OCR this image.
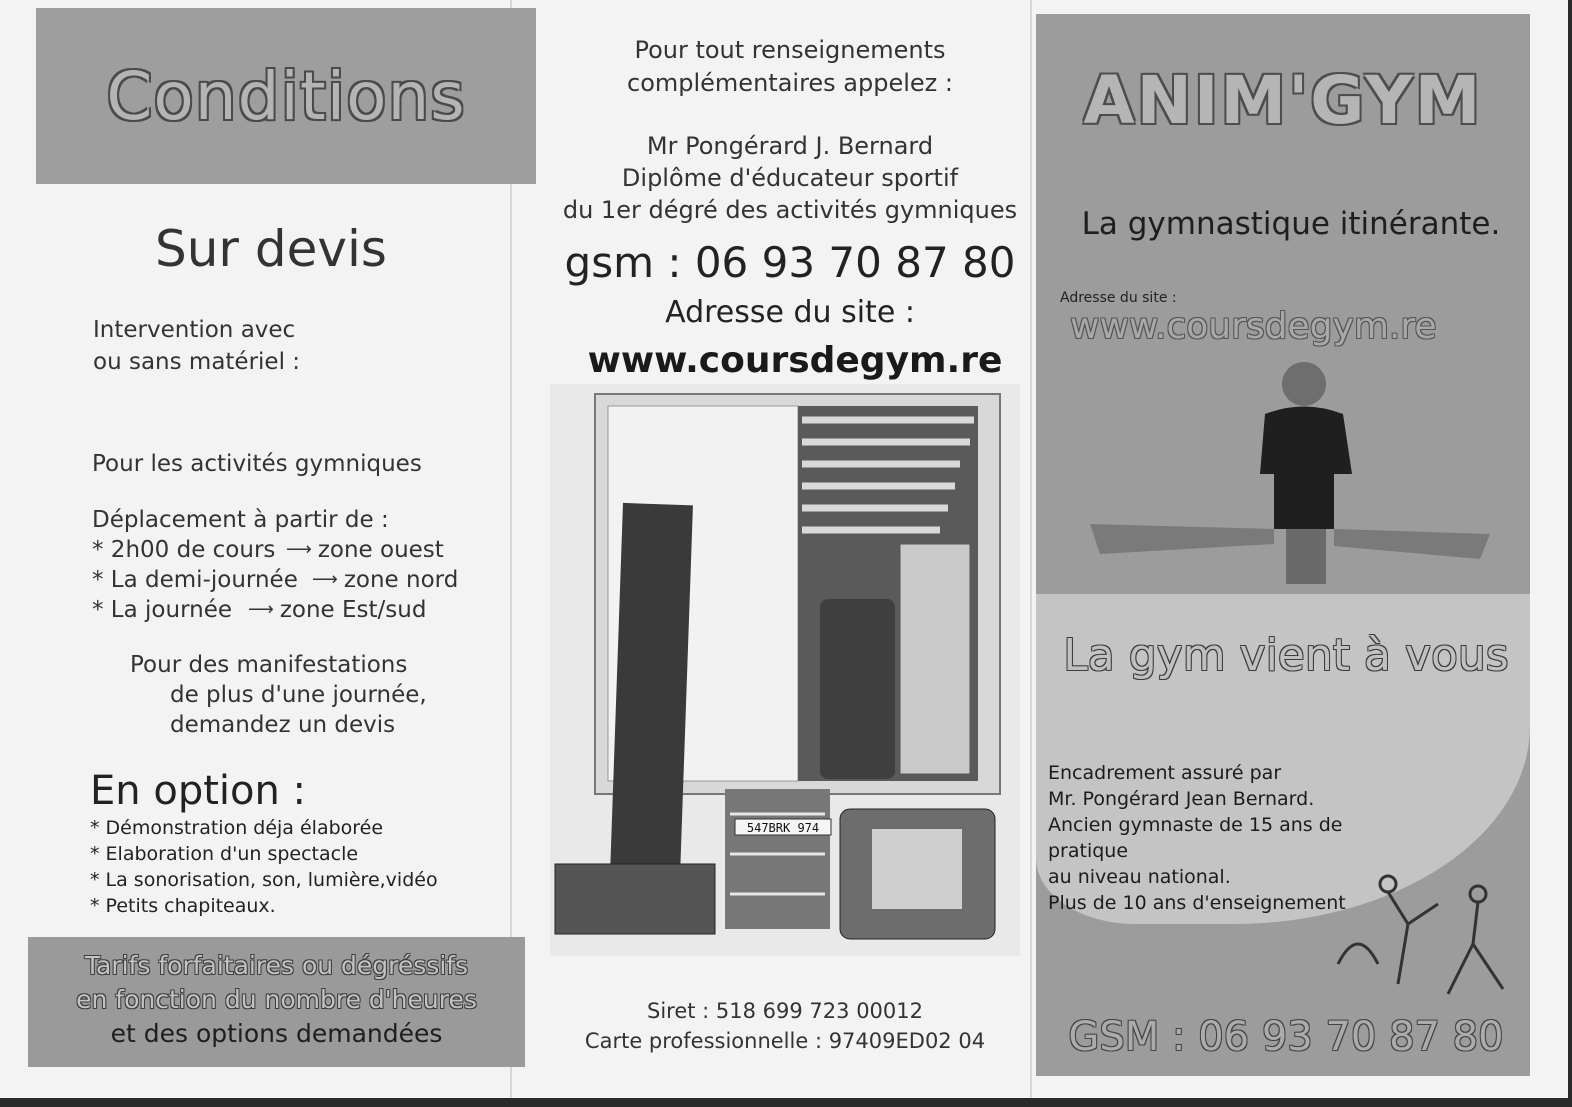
Conditions
Sur devis
Intervention avec
ou sans matériel :
Pour les activités gymniques
Déplacement à partir de :
* 2h00 de cours ⟶ zone ouest
* La demi-journée ⟶ zone nord
* La journée ⟶ zone Est/sud
Pour des manifestations
de plus d'une journée,
demandez un devis
En option :
* Démonstration déja élaborée
* Elaboration d'un spectacle
* La sonorisation, son, lumière,vidéo
* Petits chapiteaux.
Tarifs forfaitaires ou dégréssifs
en fonction du nombre d'heures
et des options demandées
Pour tout renseignements
complémentaires appelez :
Mr Pongérard J. Bernard
Diplôme d'éducateur sportif
du 1er dégré des activités gymniques
gsm : 06 93 70 87 80
Adresse du site :
www.coursdegym.re
547BRK 974
Siret : 518 699 723 00012
Carte professionnelle : 97409ED02 04
ANIM'GYM
La gymnastique itinérante.
Adresse du site :
www.coursdegym.re
La gym vient à vous
Encadrement assuré par
Mr. Pongérard Jean Bernard.
Ancien gymnaste de 15 ans de pratique
au niveau national.
Plus de 10 ans d'enseignement
GSM : 06 93 70 87 80
